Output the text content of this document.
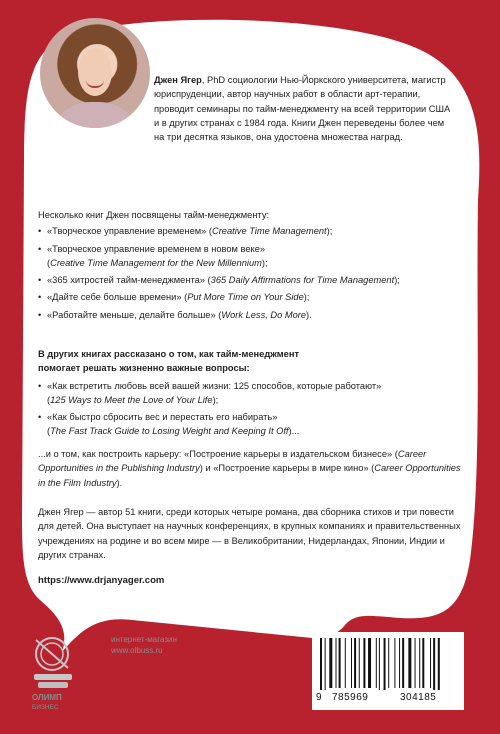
Джен Ягер, PhD социологии Нью-Йоркского университета, магистр юриспруденции, автор научных работ в области арт-терапии, проводит семинары по тайм-менеджменту на всей территории США и в других странах с 1984 года. Книги Джен переведены более чем на три десятка языков, она удостоена множества наград.

Несколько книг Джен посвящены тайм-менеджменту:

• «Творческое управление временем» (Creative Time Management);
• «Творческое управление временем в новом веке»
(Creative Time Management for the New Millennium);
• «365 хитростей тайм-менеджмента» (365 Daily Affirmations for Time Management);
• «Дайте себе больше времени» (Put More Time on Your Side);
• «Работайте меньше, делайте больше» (Work Less, Do More).

В других книгах рассказано о том, как тайм-менеджмент помогает решать жизненно важные вопросы:

• «Как встретить любовь всей вашей жизни: 125 способов, которые работают»
(125 Ways to Meet the Love of Your Life);
• «Как быстро сбросить вес и перестать его набирать»
(The Fast Track Guide to Losing Weight and Keeping It Off)...

...и о том, как построить карьеру: «Построение карьеры в издательском бизнесе» (Career Opportunities in the Publishing Industry) и «Построение карьеры в мире кино» (Career Opportunities in the Film Industry).

Джен Ягер — автор 51 книги, среди которых четыре романа, два сборника стихов и три повести для детей. Она выступает на научных конференциях, в крупных компаниях и правительственных учреждениях на родине и во всем мире — в Великобритании, Нидерландах, Японии, Индии и других странах.

https://www.drjanyager.com
ОЛИМП
БИЗНЕС
интернет-магазин
www.olbuss.ru
9 785969	304185
